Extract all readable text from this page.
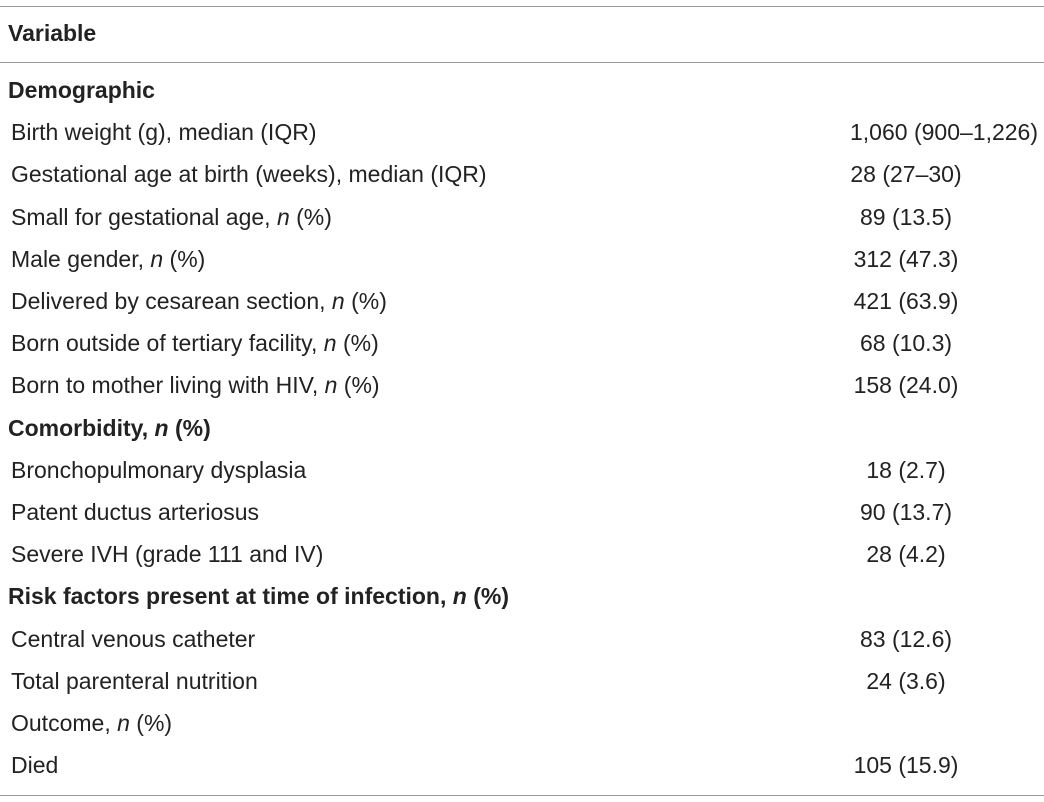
Variable
Demographic
Birth weight (g), median (IQR)	1,060 (900–1,226)
Gestational age at birth (weeks), median (IQR)	28 (27–30)
Small for gestational age, n (%)	89 (13.5)
Male gender, n (%)	312 (47.3)
Delivered by cesarean section, n (%)	421 (63.9)
Born outside of tertiary facility, n (%)	68 (10.3)
Born to mother living with HIV, n (%)	158 (24.0)
Comorbidity, n (%)
Bronchopulmonary dysplasia	18 (2.7)
Patent ductus arteriosus	90 (13.7)
Severe IVH (grade 111 and IV)	28 (4.2)
Risk factors present at time of infection, n (%)
Central venous catheter	83 (12.6)
Total parenteral nutrition	24 (3.6)
Outcome, n (%)
Died	105 (15.9)
